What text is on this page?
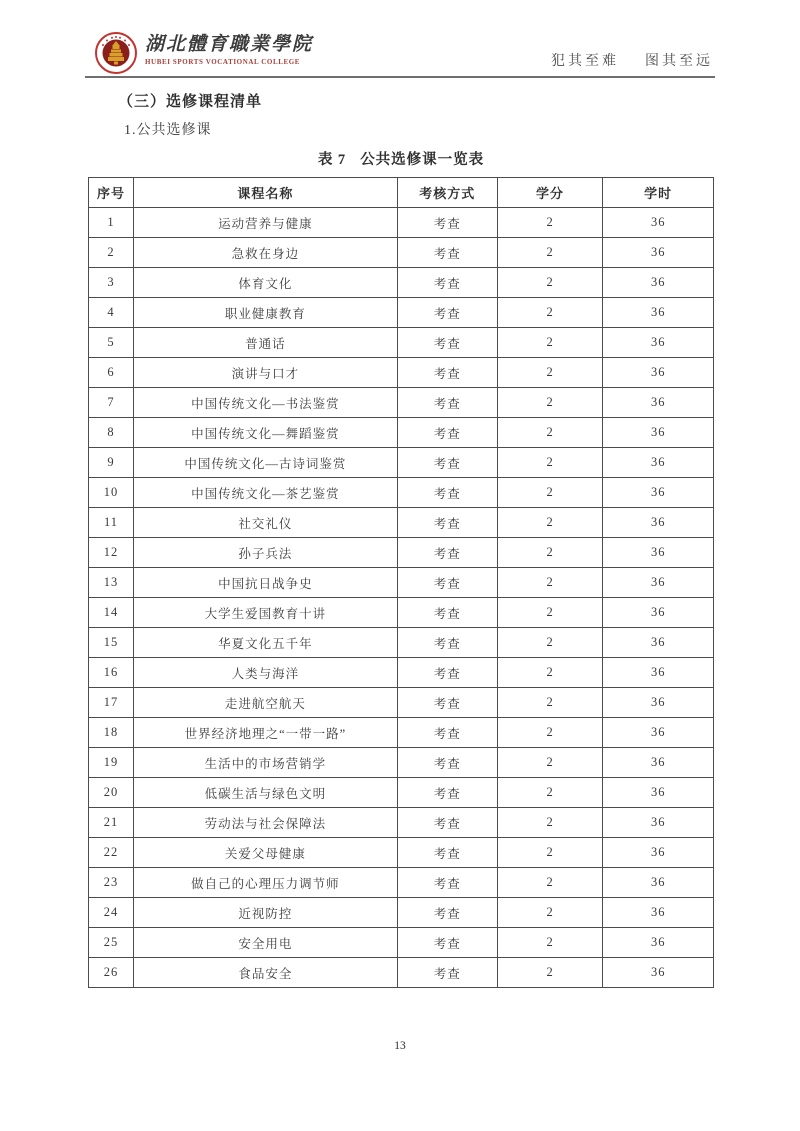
湖北體育職業學院
HUBEI SPORTS VOCATIONAL COLLEGE	犯其至难 图其至远
（三）选修课程清单
1.公共选修课
表 7 公共选修课一览表
序号	课程名称	考核方式	学分	学时
1	运动营养与健康	考查	2	36
2	急救在身边	考查	2	36
3	体育文化	考查	2	36
4	职业健康教育	考查	2	36
5	普通话	考查	2	36
6	演讲与口才	考查	2	36
7	中国传统文化—书法鉴赏	考查	2	36
8	中国传统文化—舞蹈鉴赏	考查	2	36
9	中国传统文化—古诗词鉴赏	考查	2	36
10	中国传统文化—茶艺鉴赏	考查	2	36
11	社交礼仪	考查	2	36
12	孙子兵法	考查	2	36
13	中国抗日战争史	考查	2	36
14	大学生爱国教育十讲	考查	2	36
15	华夏文化五千年	考查	2	36
16	人类与海洋	考查	2	36
17	走进航空航天	考查	2	36
18	世界经济地理之“一带一路”	考查	2	36
19	生活中的市场营销学	考查	2	36
20	低碳生活与绿色文明	考查	2	36
21	劳动法与社会保障法	考查	2	36
22	关爱父母健康	考查	2	36
23	做自己的心理压力调节师	考查	2	36
24	近视防控	考查	2	36
25	安全用电	考查	2	36
26	食品安全	考查	2	36
13
